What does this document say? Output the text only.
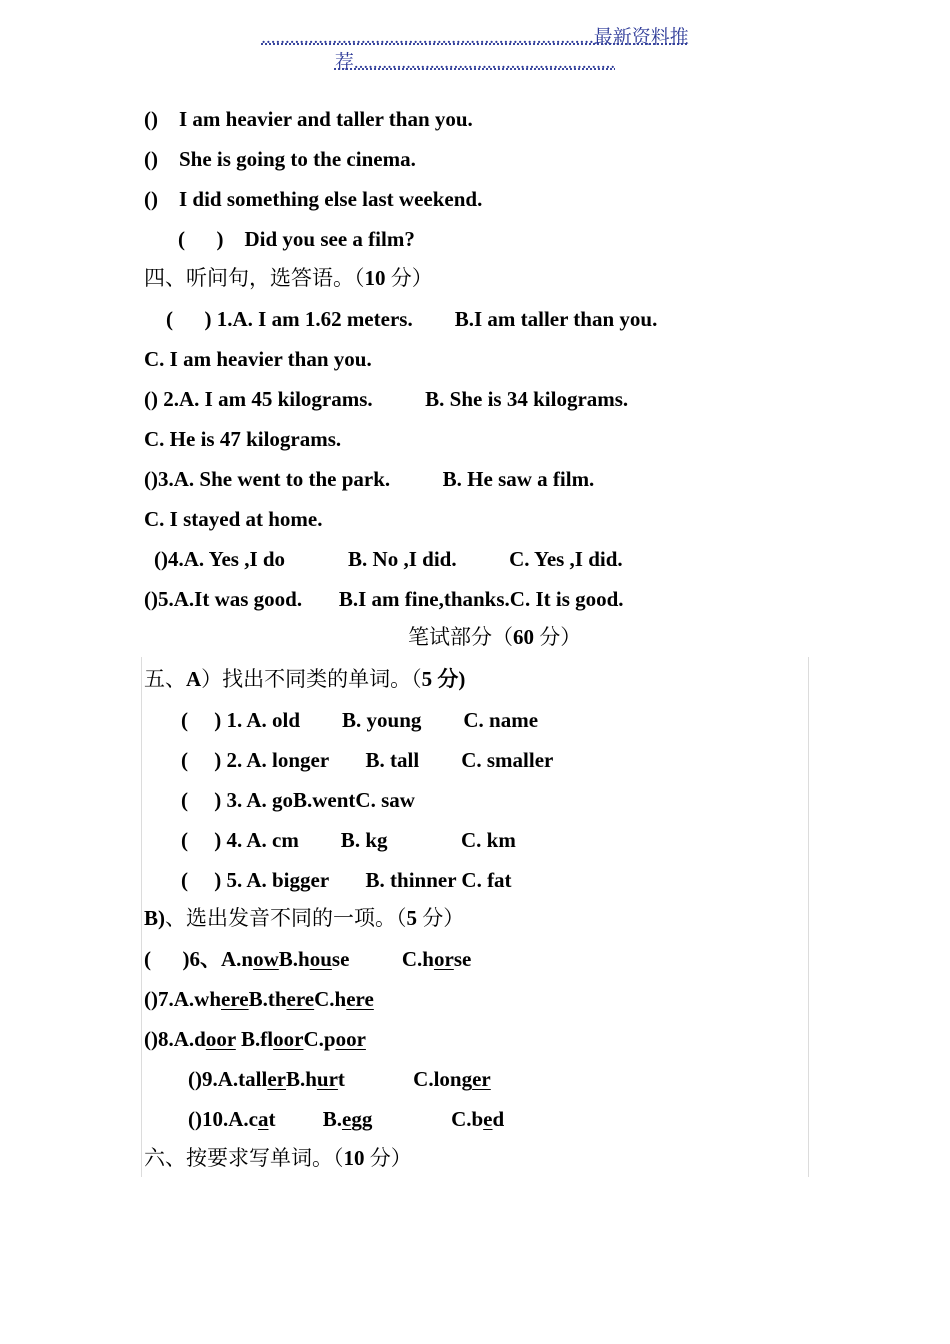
......................................................................最新资料推
荐.......................................................
()    I am heavier and taller than you.
()    She is going to the cinema.
()    I did something else last weekend.
(      )    Did you see a film?
四、听问句，选答语。（10 分）
(      ) 1.A. I am 1.62 meters.        B.I am taller than you.
C. I am heavier than you.
() 2.A. I am 45 kilograms.          B. She is 34 kilograms.
C. He is 47 kilograms.
()3.A. She went to the park.          B. He saw a film.
C. I stayed at home.
()4.A. Yes ,I do            B. No ,I did.          C. Yes ,I did.
()5.A.It was good.       B.I am fine,thanks.C. It is good.
笔试部分（60 分）
五、A）找出不同类的单词。（5 分)
(     ) 1. A. old        B. young        C. name
(     ) 2. A. longer       B. tall        C. smaller
(     ) 3. A. goB.wentC. saw
(     ) 4. A. cm        B. kg              C. km
(     ) 5. A. bigger       B. thinner C. fat
B)、选出发音不同的一项。（5 分）
(      )6、A.nowB.house          C.horse
()7.A.whereB.thereC.here
()8.A.door B.floorC.poor
()9.A.tallerB.hurt             C.longer
()10.A.cat         B.egg               C.bed
六、按要求写单词。（10 分）
